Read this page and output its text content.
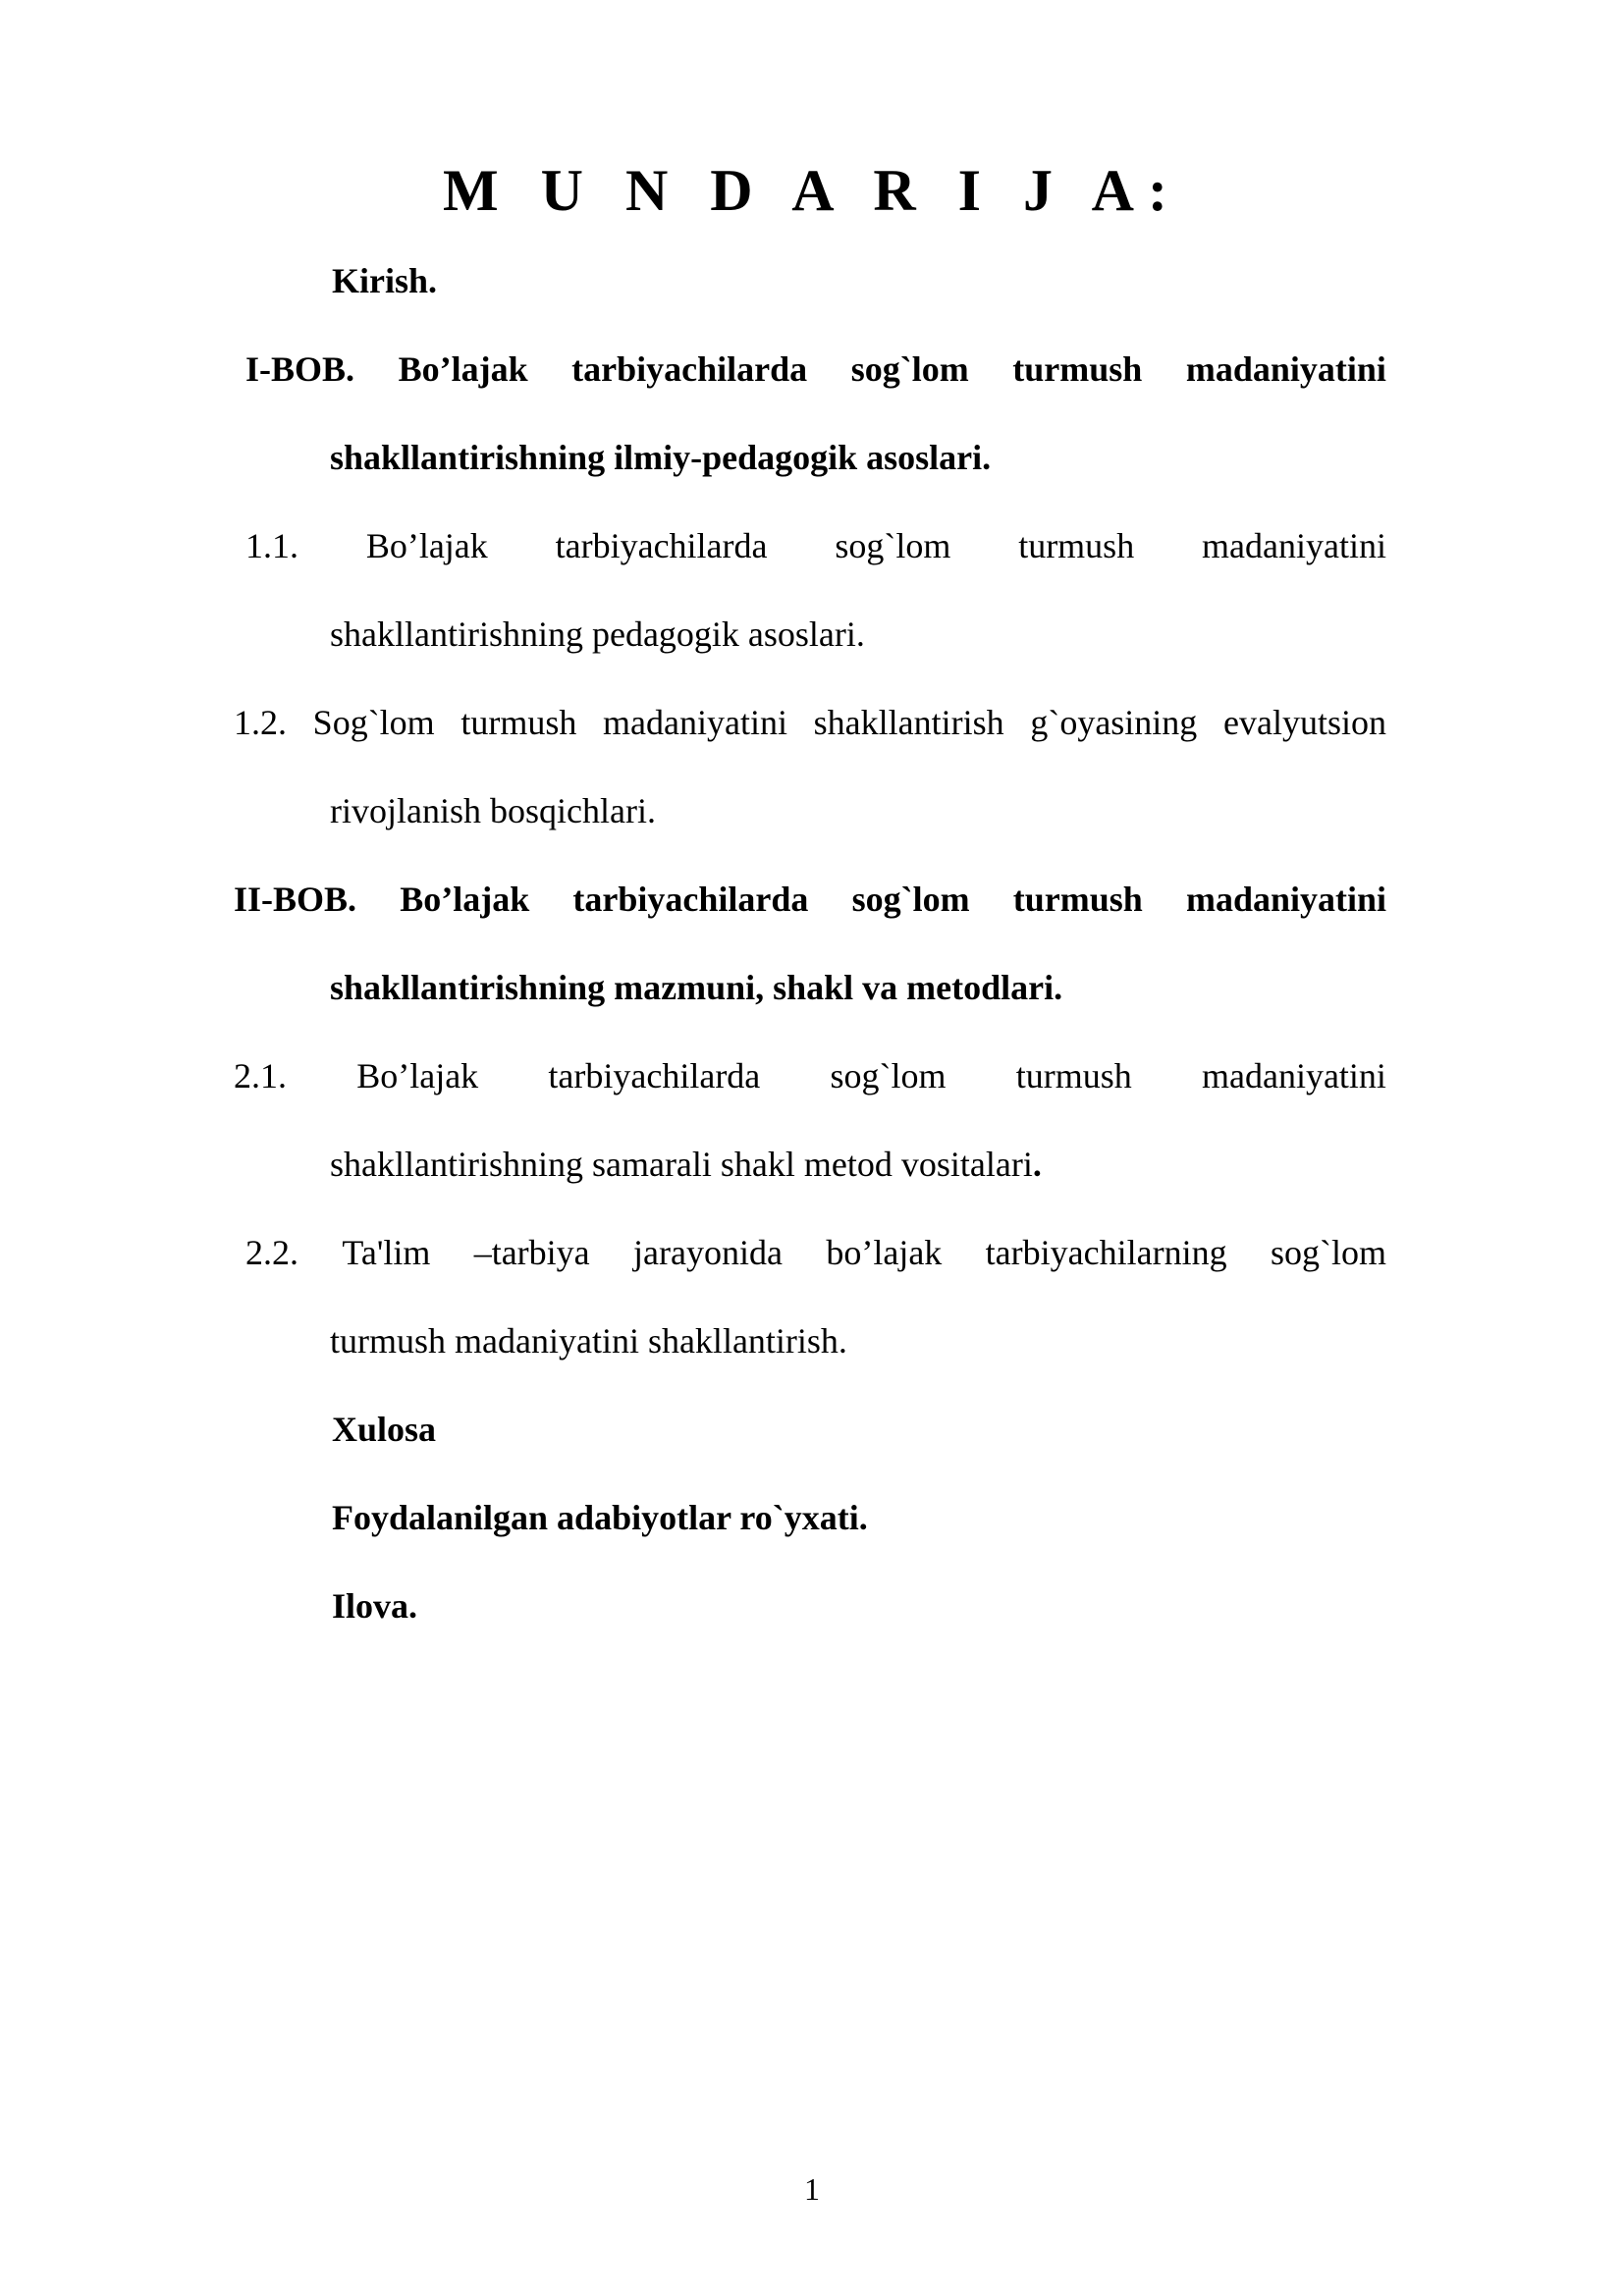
M U N D A R I J A:
Kirish.
I-BOB. Bo’lajak tarbiyachilarda sog`lom turmush madaniyatini
shakllantirishning ilmiy-pedagogik asoslari.
1.1. Bo’lajak tarbiyachilarda sog`lom turmush madaniyatini
shakllantirishning pedagogik asoslari.
1.2. Sog`lom turmush madaniyatini shakllantirish g`oyasining evalyutsion
rivojlanish bosqichlari.
II-BOB. Bo’lajak tarbiyachilarda sog`lom turmush madaniyatini
shakllantirishning mazmuni, shakl va metodlari.
2.1. Bo’lajak tarbiyachilarda sog`lom turmush madaniyatini
shakllantirishning samarali shakl metod vositalari.
2.2. Ta'lim –tarbiya jarayonida bo’lajak tarbiyachilarning sog`lom
turmush madaniyatini shakllantirish.
Xulosa
Foydalanilgan adabiyotlar ro`yxati.
Ilova.
1
